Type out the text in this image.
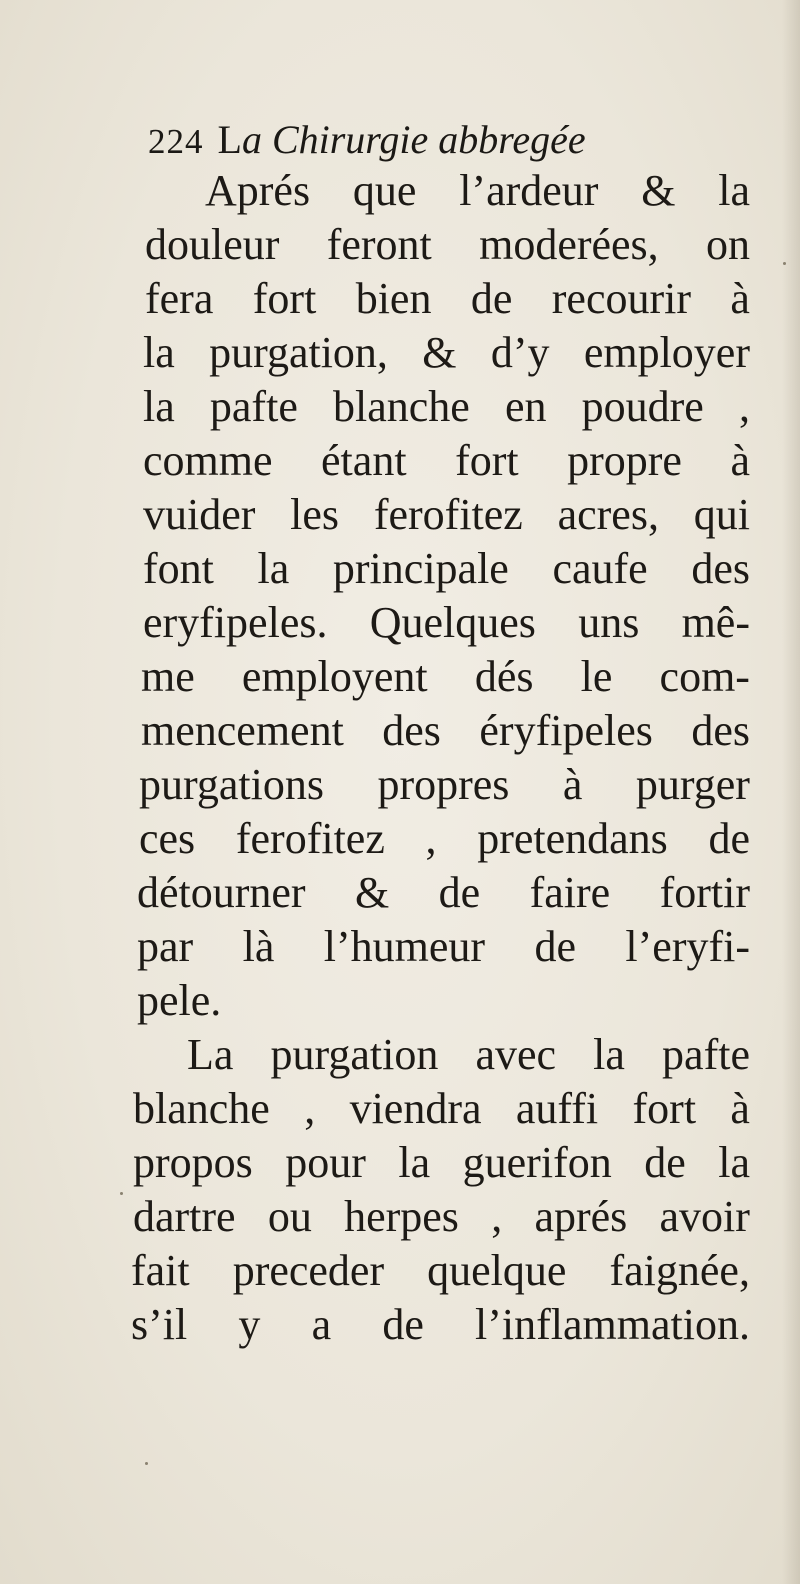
224 La Chirurgie abbregée
Aprés que l’ardeur & la
douleur feront moderées, on
fera fort bien de recourir à
la purgation, & d’y employer
la pafte blanche en poudre ,
comme étant fort propre à
vuider les ferofitez acres, qui
font la principale caufe des
eryfipeles. Quelques uns mê-
me employent dés le com-
mencement des éryfipeles des
purgations propres à purger
ces ferofitez , pretendans de
détourner & de faire fortir
par là l’humeur de l’eryfi-
pele.
La purgation avec la pafte
blanche , viendra auffi fort à
propos pour la guerifon de la
dartre ou herpes , aprés avoir
fait preceder quelque faignée,
s’il y a de l’inflammation.
